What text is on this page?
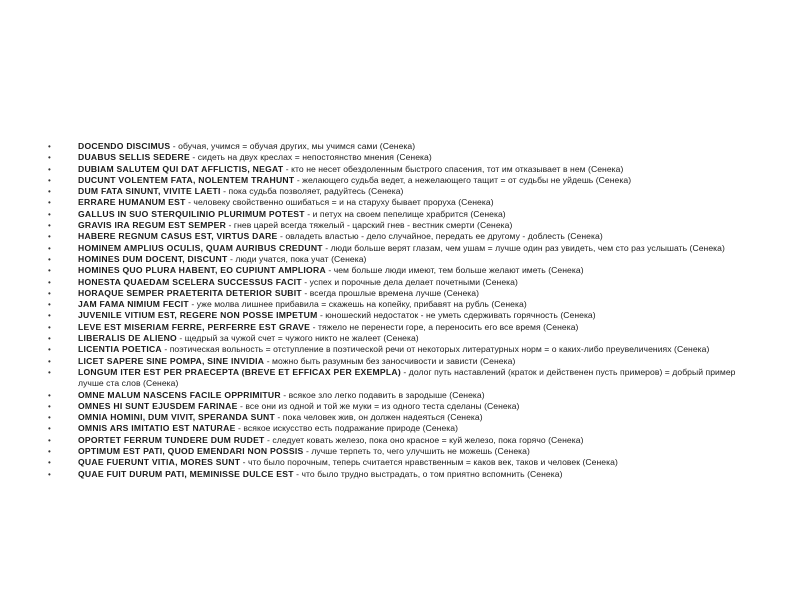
•	DOCENDO DISCIMUS - обучая, учимся = обучая других, мы учимся сами (Сенека)
•	DUABUS SELLIS SEDERE - сидеть на двух креслах = непостоянство мнения (Сенека)
•	DUBIAM SALUTEM QUI DAT AFFLICTIS, NEGAT - кто не несет обездоленным быстрого спасения, тот им отказывает в нем (Сенека)
•	DUCUNT VOLENTEM FATA, NOLENTEM TRAHUNT - желающего судьба ведет, а нежелающего тащит = от судьбы не уйдешь (Сенека)
•	DUM FATA SINUNT, VIVITE LAETI - пока судьба позволяет, радуйтесь (Сенека)
•	ERRARE HUMANUM EST - человеку свойственно ошибаться = и на старуху бывает проруха (Сенека)
•	GALLUS IN SUO STERQUILINIO PLURIMUM POTEST - и петух на своем пепелище храбрится (Сенека)
•	GRAVIS IRA REGUM EST SEMPER - гнев царей всегда тяжелый - царский гнев - вестник смерти (Сенека)
•	HABERE REGNUM CASUS EST, VIRTUS DARE - овладеть властью - дело случайное, передать ее другому - доблесть (Сенека)
•	HOMINEM AMPLIUS OCULIS, QUAM AURIBUS CREDUNT - люди больше верят глазам, чем ушам = лучше один раз увидеть, чем сто раз услышать (Сенека)
•	HOMINES DUM DOCENT, DISCUNT - люди учатся, пока учат (Сенека)
•	HOMINES QUO PLURA HABENT, EO CUPIUNT AMPLIORA - чем больше люди имеют, тем больше желают иметь (Сенека)
•	HONESTA QUAEDAM SCELERA SUCCESSUS FACIT - успех и порочные дела делает почетными (Сенека)
•	HORAQUE SEMPER PRAETERITA DETERIOR SUBIT - всегда прошлые времена лучше (Сенека)
•	JAM FAMA NIMIUM FECIT - уже молва лишнее прибавила = скажешь на копейку, прибавят на рубль (Сенека)
•	JUVENILE VITIUM EST, REGERE NON POSSE IMPETUM - юношеский недостаток - не уметь сдерживать горячность (Сенека)
•	LEVE EST MISERIAM FERRE, PERFERRE EST GRAVE - тяжело не перенести горе, а переносить его все время (Сенека)
•	LIBERALIS DE ALIENO - щедрый за чужой счет = чужого никто не жалеет (Сенека)
•	LICENTIA POETICA - поэтическая вольность = отступление в поэтической речи от некоторых литературных норм = о каких-либо преувеличениях (Сенека)
•	LICET SAPERE SINE POMPA, SINE INVIDIA - можно быть разумным без заносчивости и зависти (Сенека)
•	LONGUM ITER EST PER PRAECEPTA (BREVE ET EFFICAX PER EXEMPLA) - долог путь наставлений (краток и действенен пусть примеров) = добрый пример лучше ста слов (Сенека)
•	OMNE MALUM NASCENS FACILE OPPRIMITUR - всякое зло легко подавить в зародыше (Сенека)
•	OMNES HI SUNT EJUSDEM FARINAE - все они из одной и той же муки = из одного теста сделаны (Сенека)
•	OMNIA HOMINI, DUM VIVIT, SPERANDA SUNT - пока человек жив, он должен надеяться (Сенека)
•	OMNIS ARS IMITATIO EST NATURAE - всякое искусство есть подражание природе (Сенека)
•	OPORTET FERRUM TUNDERE DUM RUDET - следует ковать железо, пока оно красное = куй железо, пока горячо (Сенека)
•	OPTIMUM EST PATI, QUOD EMENDARI NON POSSIS - лучше терпеть то, чего улучшить не можешь (Сенека)
•	QUAE FUERUNT VITIA, MORES SUNT - что было порочным, теперь считается нравственным = каков век, таков и человек (Сенека)
•	QUAE FUIT DURUM PATI, MEMINISSE DULCE EST - что было трудно выстрадать, о том приятно вспомнить (Сенека)
